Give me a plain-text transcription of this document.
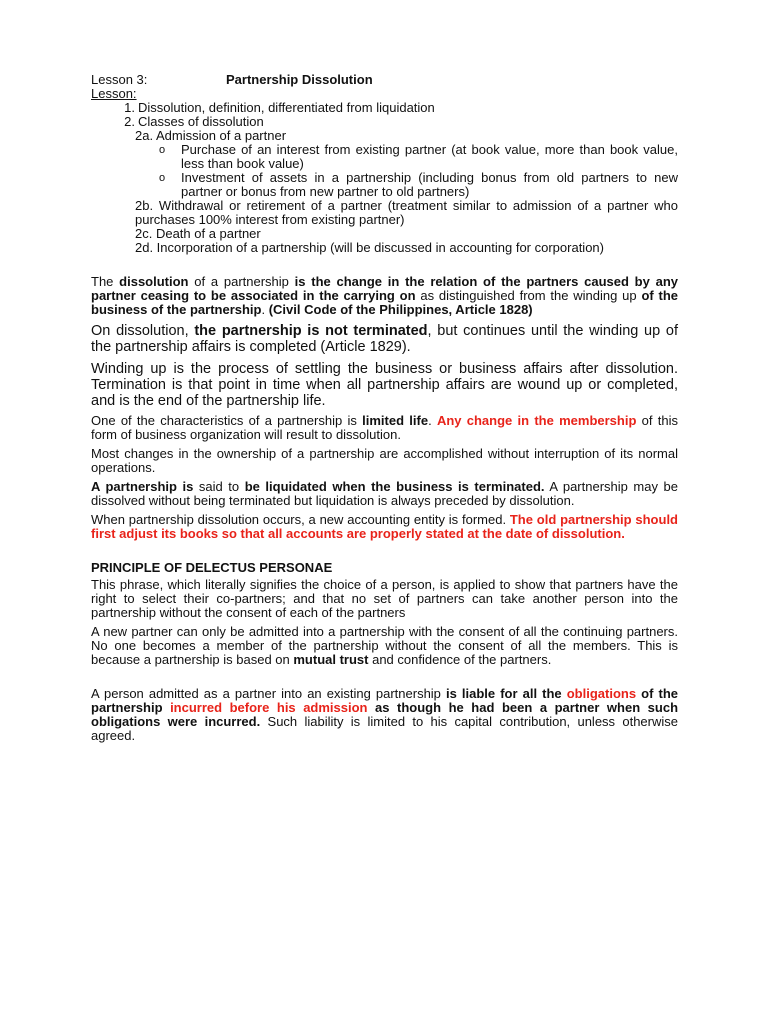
Lesson 3:	Partnership Dissolution
Lesson:
1. Dissolution, definition, differentiated from liquidation
2. Classes of dissolution
2a. Admission of a partner
o	Purchase of an interest from existing partner (at book value, more than book value, less than book value)
o	Investment of assets in a partnership (including bonus from old partners to new partner or bonus from new partner to old partners)
2b. Withdrawal or retirement of a partner (treatment similar to admission of a partner who purchases 100% interest from existing partner)
2c. Death of a partner
2d. Incorporation of a partnership (will be discussed in accounting for corporation)

The dissolution of a partnership is the change in the relation of the partners caused by any partner ceasing to be associated in the carrying on as distinguished from the winding up of the business of the partnership. (Civil Code of the Philippines, Article 1828)

On dissolution, the partnership is not terminated, but continues until the winding up of the partnership affairs is completed (Article 1829).

Winding up is the process of settling the business or business affairs after dissolution. Termination is that point in time when all partnership affairs are wound up or completed, and is the end of the partnership life.

One of the characteristics of a partnership is limited life. Any change in the membership of this form of business organization will result to dissolution.

Most changes in the ownership of a partnership are accomplished without interruption of its normal operations.

A partnership is said to be liquidated when the business is terminated. A partnership may be dissolved without being terminated but liquidation is always preceded by dissolution.

When partnership dissolution occurs, a new accounting entity is formed. The old partnership should first adjust its books so that all accounts are properly stated at the date of dissolution.

PRINCIPLE OF DELECTUS PERSONAE

This phrase, which literally signifies the choice of a person, is applied to show that partners have the right to select their co-partners; and that no set of partners can take another person into the partnership without the consent of each of the partners

A new partner can only be admitted into a partnership with the consent of all the continuing partners. No one becomes a member of the partnership without the consent of all the members. This is because a partnership is based on mutual trust and confidence of the partners.

A person admitted as a partner into an existing partnership is liable for all the obligations of the partnership incurred before his admission as though he had been a partner when such obligations were incurred. Such liability is limited to his capital contribution, unless otherwise agreed.
